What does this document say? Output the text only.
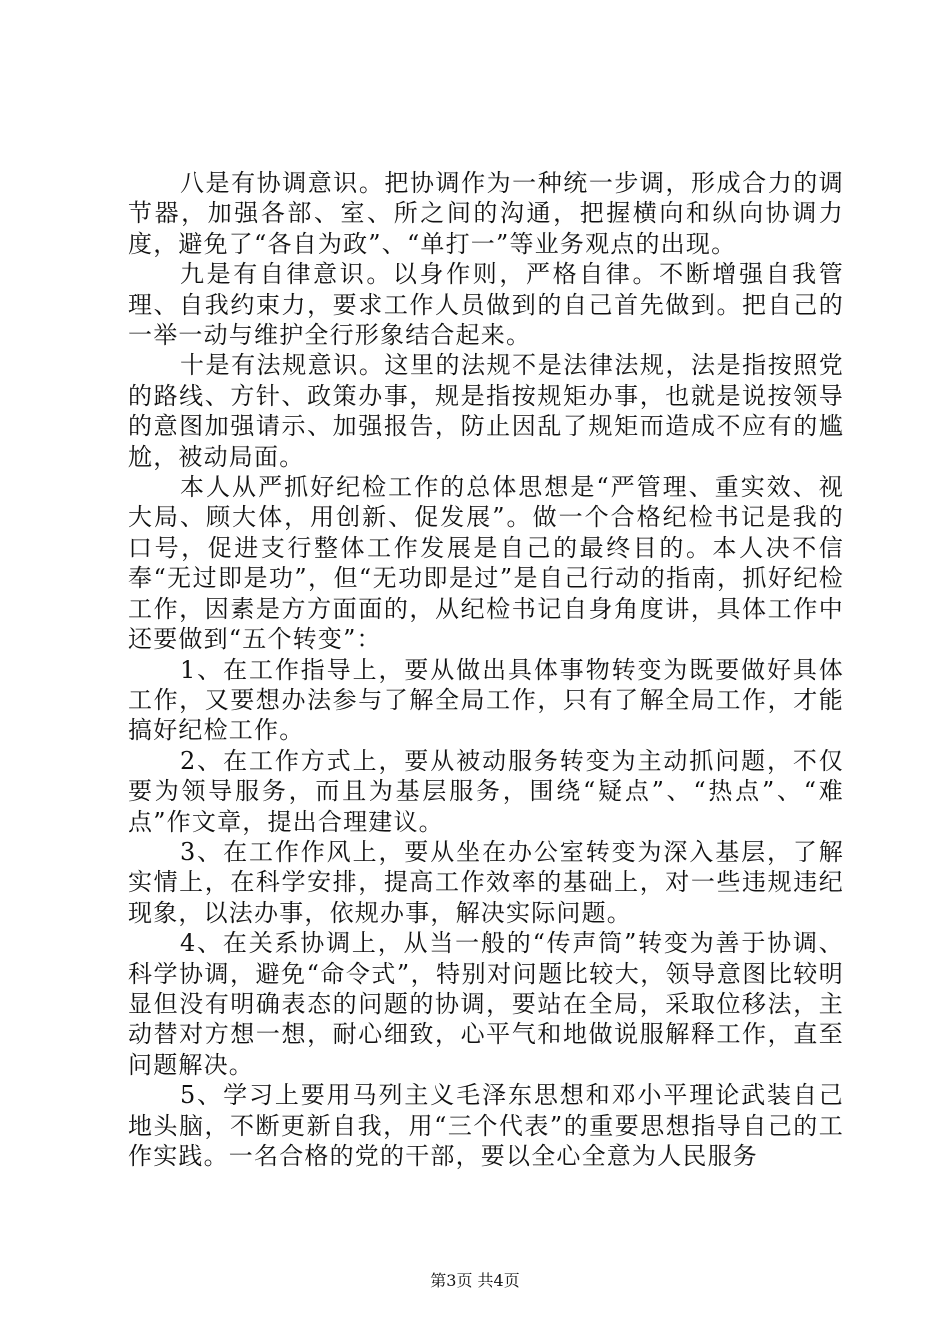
八是有协调意识。把协调作为一种统一步调，形成合力的调节器，加强各部、室、所之间的沟通，把握横向和纵向协调力度，避免了“各自为政”、“单打一”等业务观点的出现。

九是有自律意识。以身作则，严格自律。不断增强自我管理、自我约束力，要求工作人员做到的自己首先做到。把自己的一举一动与维护全行形象结合起来。

十是有法规意识。这里的法规不是法律法规，法是指按照党的路线、方针、政策办事，规是指按规矩办事，也就是说按领导的意图加强请示、加强报告，防止因乱了规矩而造成不应有的尴尬，被动局面。

本人从严抓好纪检工作的总体思想是“严管理、重实效、视大局、顾大体，用创新、促发展”。做一个合格纪检书记是我的口号，促进支行整体工作发展是自己的最终目的。本人决不信奉“无过即是功”，但“无功即是过”是自己行动的指南，抓好纪检工作，因素是方方面面的，从纪检书记自身角度讲，具体工作中还要做到“五个转变”：

1、在工作指导上，要从做出具体事物转变为既要做好具体工作，又要想办法参与了解全局工作，只有了解全局工作，才能搞好纪检工作。

2、在工作方式上，要从被动服务转变为主动抓问题，不仅要为领导服务，而且为基层服务，围绕“疑点”、“热点”、“难点”作文章，提出合理建议。

3、在工作作风上，要从坐在办公室转变为深入基层，了解实情上，在科学安排，提高工作效率的基础上，对一些违规违纪现象，以法办事，依规办事，解决实际问题。

4、在关系协调上，从当一般的“传声筒”转变为善于协调、科学协调，避免“命令式”，特别对问题比较大，领导意图比较明显但没有明确表态的问题的协调，要站在全局，采取位移法，主动替对方想一想，耐心细致，心平气和地做说服解释工作，直至问题解决。

5、学习上要用马列主义毛泽东思想和邓小平理论武装自己地头脑，不断更新自我，用“三个代表”的重要思想指导自己的工作实践。一名合格的党的干部，要以全心全意为人民服务

第3页 共4页
